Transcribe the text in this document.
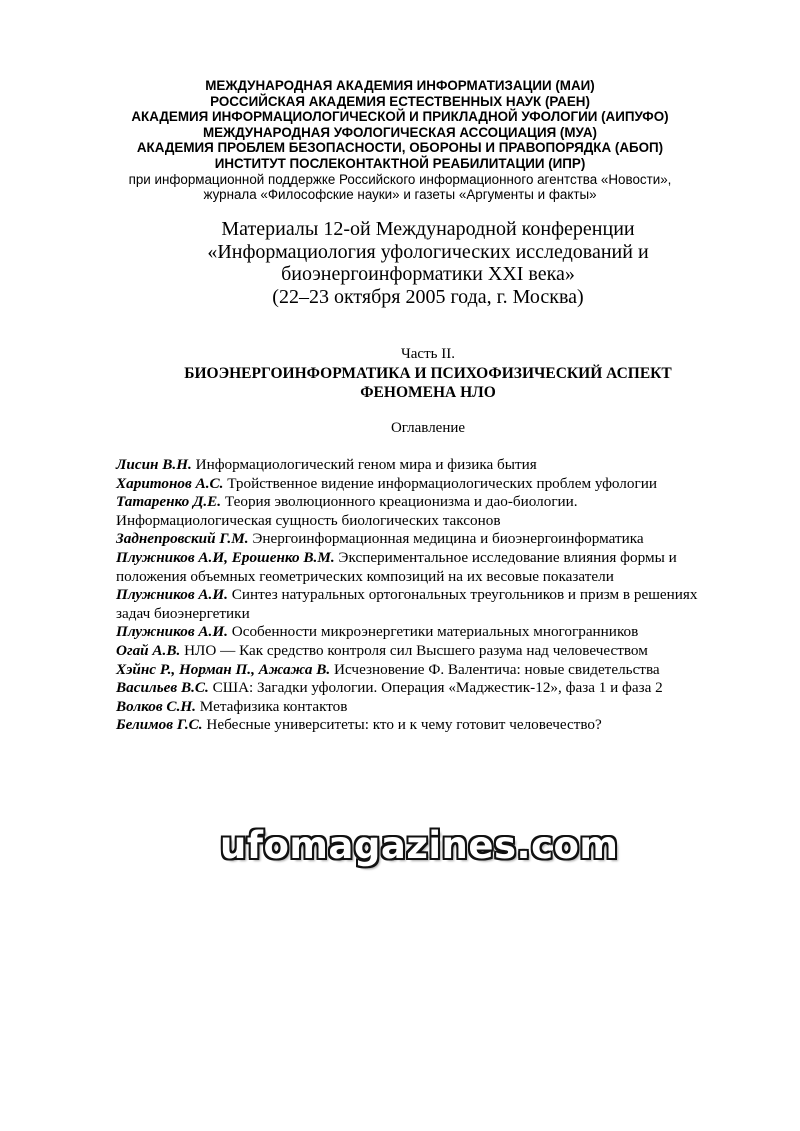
МЕЖДУНАРОДНАЯ АКАДЕМИЯ ИНФОРМАТИЗАЦИИ (МАИ)
РОССИЙСКАЯ АКАДЕМИЯ ЕСТЕСТВЕННЫХ НАУК (РАЕН)
АКАДЕМИЯ ИНФОРМАЦИОЛОГИЧЕСКОЙ И ПРИКЛАДНОЙ УФОЛОГИИ (АИПУФО)
МЕЖДУНАРОДНАЯ УФОЛОГИЧЕСКАЯ АССОЦИАЦИЯ (МУА)
АКАДЕМИЯ ПРОБЛЕМ БЕЗОПАСНОСТИ, ОБОРОНЫ И ПРАВОПОРЯДКА (АБОП)
ИНСТИТУТ ПОСЛЕКОНТАКТНОЙ РЕАБИЛИТАЦИИ (ИПР)
при информационной поддержке Российского информационного агентства «Новости»,
журнала «Философские науки» и газеты «Аргументы и факты»
Материалы 12-ой Международной конференции
«Информациология уфологических исследований и
биоэнергоинформатики XXI века»
(22–23 октября 2005 года, г. Москва)
Часть II.
БИОЭНЕРГОИНФОРМАТИКА И ПСИХОФИЗИЧЕСКИЙ АСПЕКТ
ФЕНОМЕНА НЛО
Оглавление
Лисин В.Н. Информациологический геном мира и физика бытия
Харитонов А.С. Тройственное видение информациологических проблем уфологии
Татаренко Д.Е. Теория эволюционного креационизма и дао-биологии.
Информациологическая сущность биологических таксонов
Заднепровский Г.М. Энергоинформационная медицина и биоэнергоинформатика
Плужников А.И, Ерошенко В.М. Экспериментальное исследование влияния формы и
положения объемных геометрических композиций на их весовые показатели
Плужников А.И. Синтез натуральных ортогональных треугольников и призм в решениях
задач биоэнергетики
Плужников А.И. Особенности микроэнергетики материальных многогранников
Огай А.В. НЛО — Как средство контроля сил Высшего разума над человечеством
Хэйнс Р., Норман П., Ажажа В. Исчезновение Ф. Валентича: новые свидетельства
Васильев В.С. США: Загадки уфологии. Операция «Маджестик-12», фаза 1 и фаза 2
Волков С.Н. Метафизика контактов
Белимов Г.С. Небесные университеты: кто и к чему готовит человечество?
ufomagazines.com
